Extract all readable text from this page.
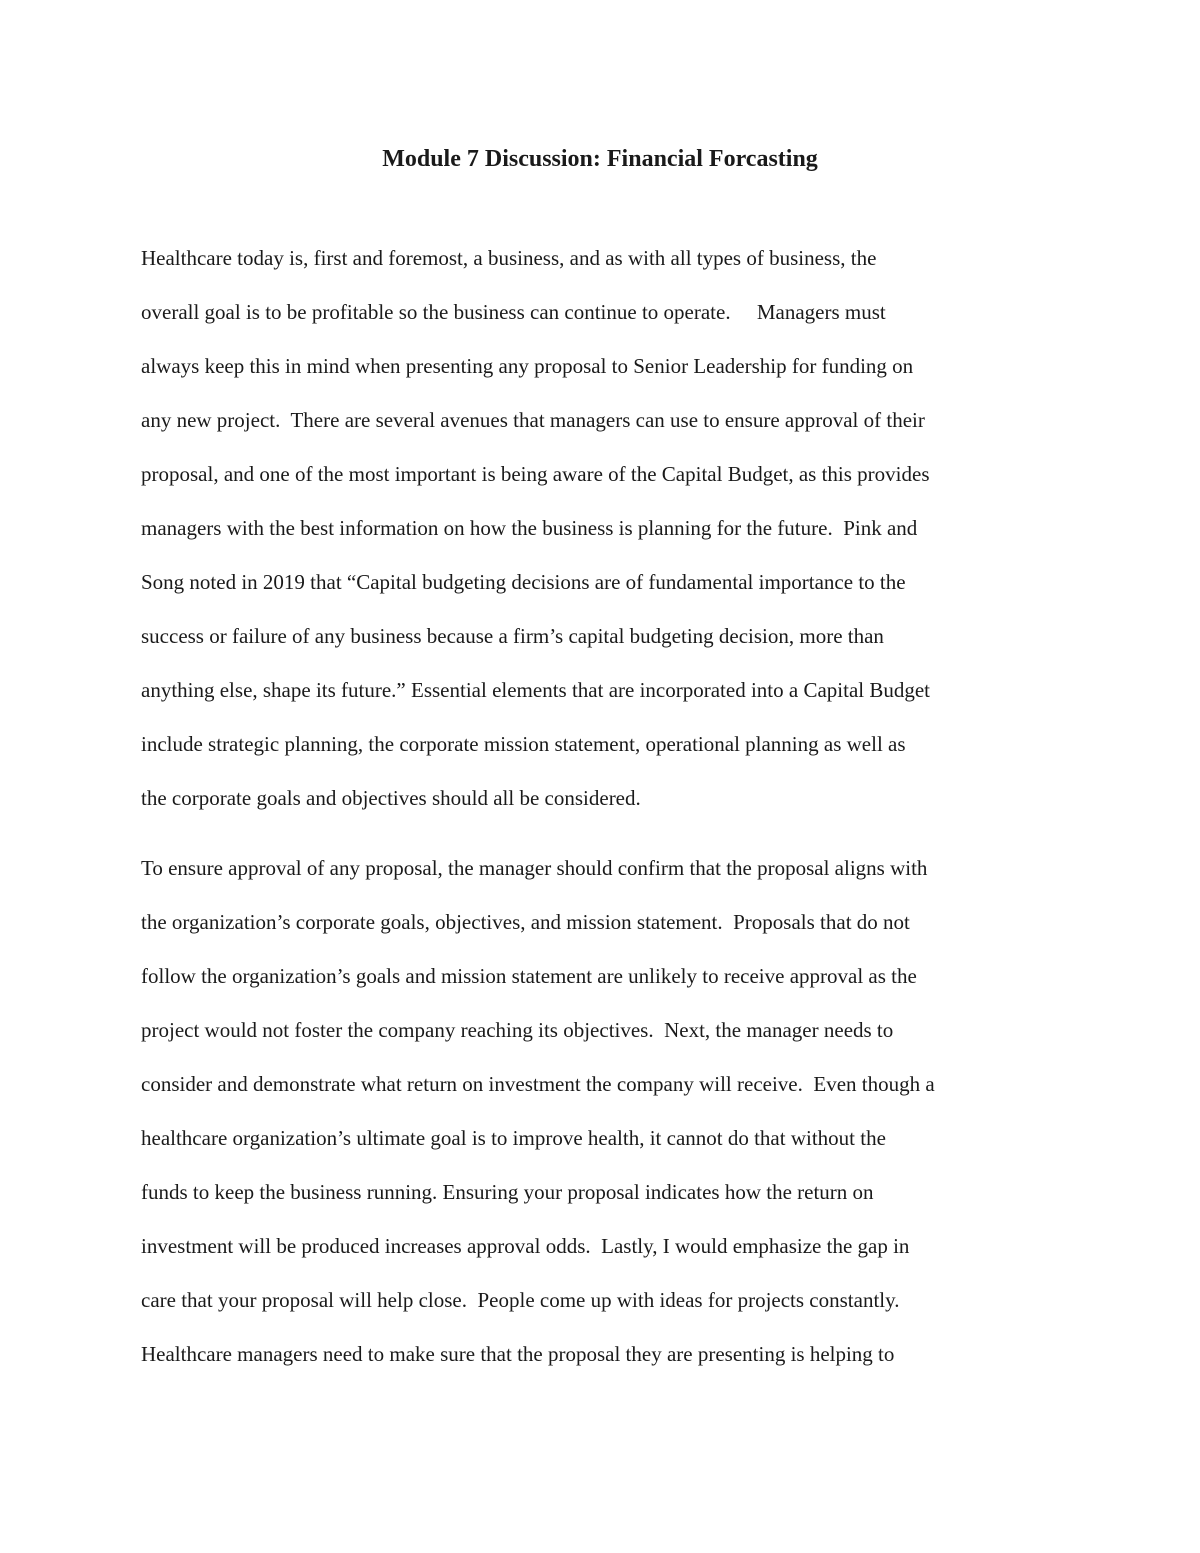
Module 7 Discussion: Financial Forcasting

Healthcare today is, first and foremost, a business, and as with all types of business, the

overall goal is to be profitable so the business can continue to operate.     Managers must

always keep this in mind when presenting any proposal to Senior Leadership for funding on

any new project.  There are several avenues that managers can use to ensure approval of their

proposal, and one of the most important is being aware of the Capital Budget, as this provides

managers with the best information on how the business is planning for the future.  Pink and

Song noted in 2019 that “Capital budgeting decisions are of fundamental importance to the

success or failure of any business because a firm’s capital budgeting decision, more than

anything else, shape its future.” Essential elements that are incorporated into a Capital Budget

include strategic planning, the corporate mission statement, operational planning as well as

the corporate goals and objectives should all be considered.

To ensure approval of any proposal, the manager should confirm that the proposal aligns with

the organization’s corporate goals, objectives, and mission statement.  Proposals that do not

follow the organization’s goals and mission statement are unlikely to receive approval as the

project would not foster the company reaching its objectives.  Next, the manager needs to

consider and demonstrate what return on investment the company will receive.  Even though a

healthcare organization’s ultimate goal is to improve health, it cannot do that without the

funds to keep the business running. Ensuring your proposal indicates how the return on

investment will be produced increases approval odds.  Lastly, I would emphasize the gap in

care that your proposal will help close.  People come up with ideas for projects constantly.

Healthcare managers need to make sure that the proposal they are presenting is helping to
